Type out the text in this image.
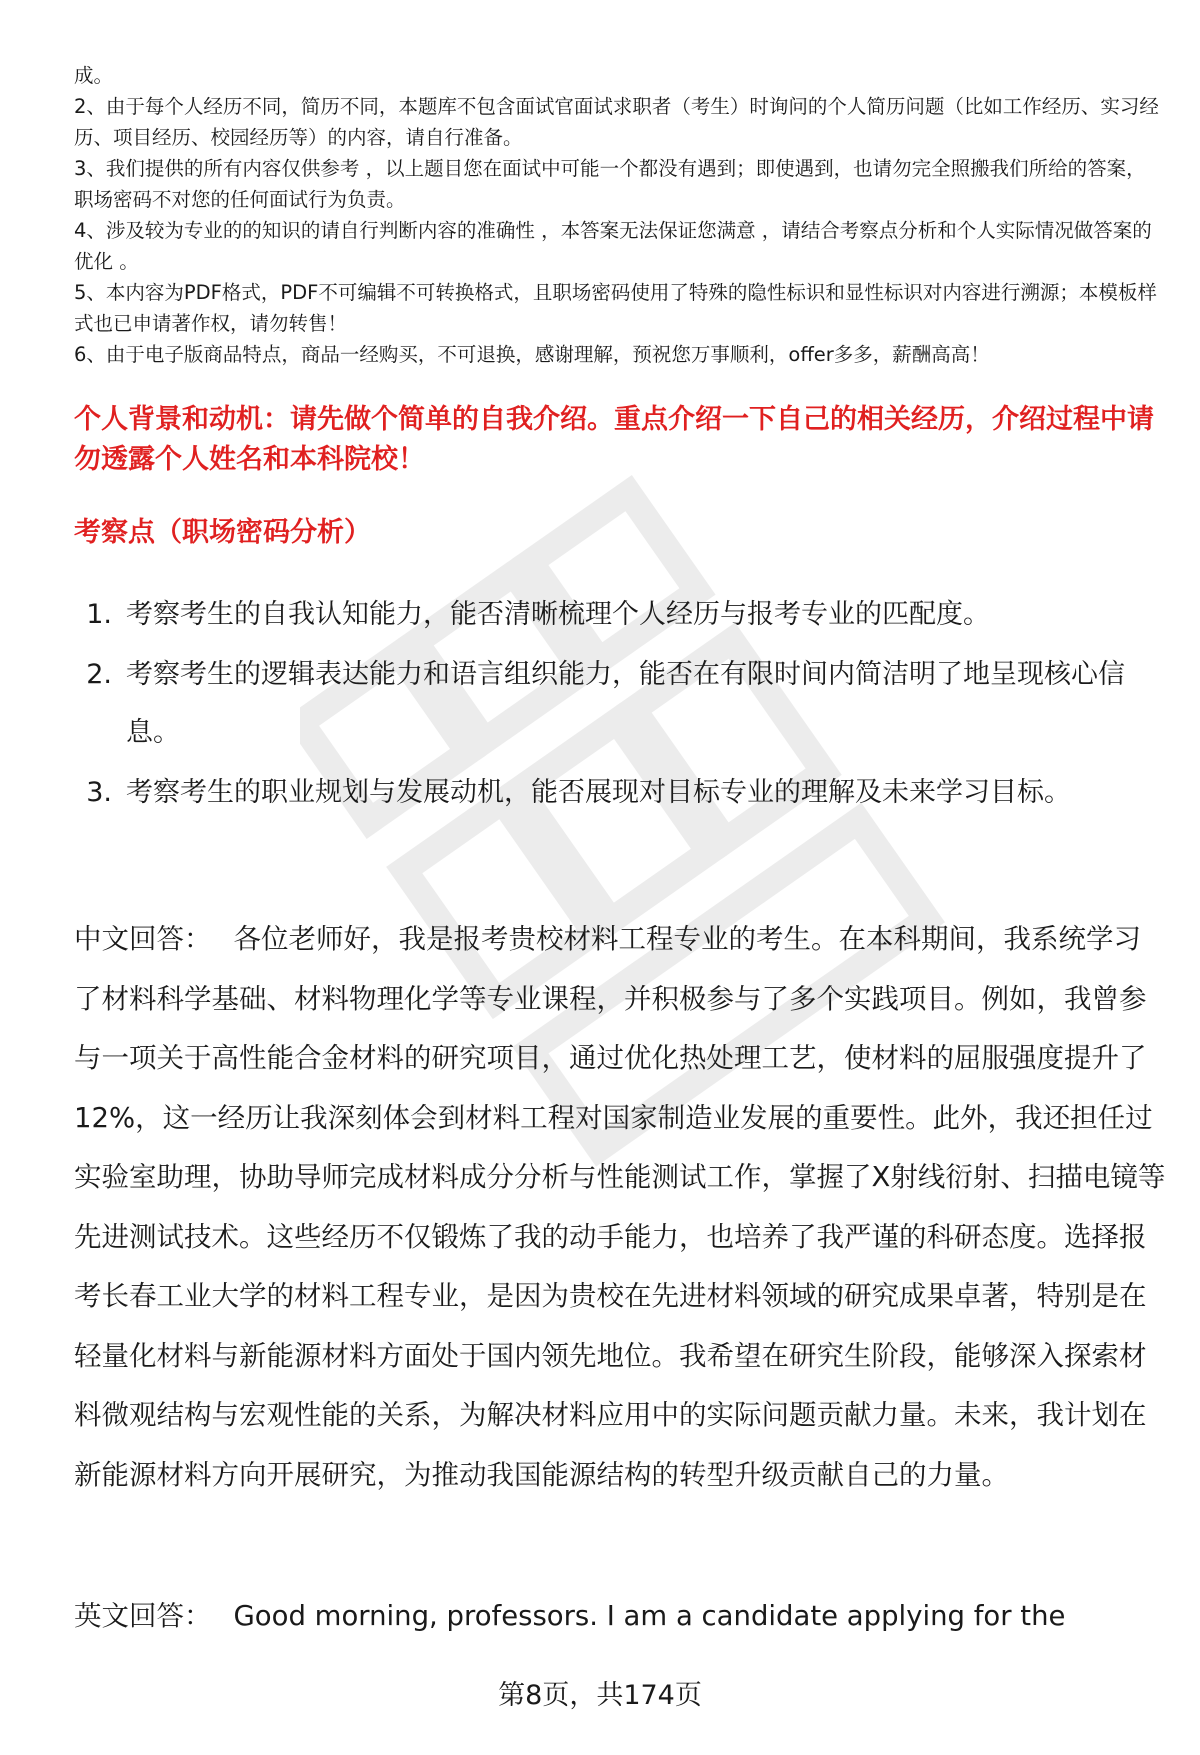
成。

2、由于每个人经历不同，简历不同，本题库不包含面试官面试求职者（考生）时询问的个人简历问题（比如工作经历、实习经历、项目经历、校园经历等）的内容，请自行准备。

3、我们提供的所有内容仅供参考 ，以上题目您在面试中可能一个都没有遇到；即使遇到，也请勿完全照搬我们所给的答案，职场密码不对您的任何面试行为负责。

4、涉及较为专业的的知识的请自行判断内容的准确性 ，本答案无法保证您满意 ，请结合考察点分析和个人实际情况做答案的优化 。

5、本内容为PDF格式，PDF不可编辑不可转换格式，且职场密码使用了特殊的隐性标识和显性标识对内容进行溯源；本模板样式也已申请著作权，请勿转售！

6、由于电子版商品特点，商品一经购买，不可退换，感谢理解，预祝您万事顺利，offer多多，薪酬高高！

个人背景和动机：请先做个简单的自我介绍。重点介绍一下自己的相关经历，介绍过程中请勿透露个人姓名和本科院校！
考察点（职场密码分析）
1. 考察考生的自我认知能力，能否清晰梳理个人经历与报考专业的匹配度。
2. 考察考生的逻辑表达能力和语言组织能力，能否在有限时间内简洁明了地呈现核心信息。
3. 考察考生的职业规划与发展动机，能否展现对目标专业的理解及未来学习目标。
中文回答： 各位老师好，我是报考贵校材料工程专业的考生。在本科期间，我系统学习了材料科学基础、材料物理化学等专业课程，并积极参与了多个实践项目。例如，我曾参与一项关于高性能合金材料的研究项目，通过优化热处理工艺，使材料的屈服强度提升了12%，这一经历让我深刻体会到材料工程对国家制造业发展的重要性。此外，我还担任过实验室助理，协助导师完成材料成分分析与性能测试工作，掌握了X射线衍射、扫描电镜等先进测试技术。这些经历不仅锻炼了我的动手能力，也培养了我严谨的科研态度。选择报考长春工业大学的材料工程专业，是因为贵校在先进材料领域的研究成果卓著，特别是在轻量化材料与新能源材料方面处于国内领先地位。我希望在研究生阶段，能够深入探索材料微观结构与宏观性能的关系，为解决材料应用中的实际问题贡献力量。未来，我计划在新能源材料方向开展研究，为推动我国能源结构的转型升级贡献自己的力量。
英文回答： Good morning, professors. I am a candidate applying for the
第8页，共174页
